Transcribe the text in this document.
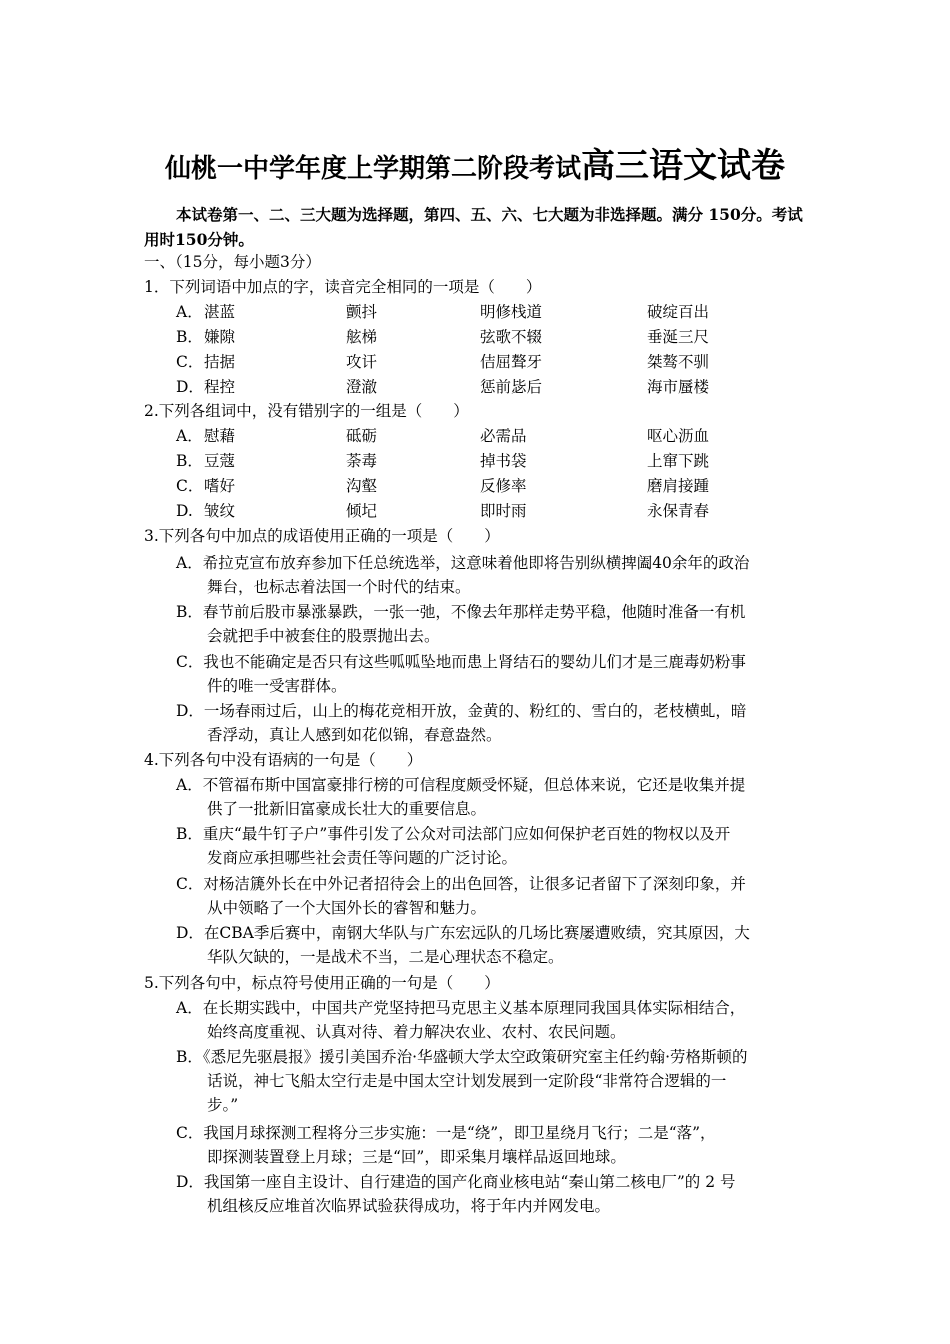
仙桃一中学年度上学期第二阶段考试高三语文试卷
本试卷第一、二、三大题为选择题，第四、五、六、七大题为非选择题。满分 150分。考试用时150分钟。
一、（15分，每小题3分）
1．下列词语中加点的字，读音完全相同的一项是（　　）
A． 湛蓝	颤抖	明修栈道	破绽百出
B． 嫌隙	舷梯	弦歌不辍	垂涎三尺
C． 拮据	攻讦	佶屈聱牙	桀骜不驯
D． 程控	澄澈	惩前毖后	海市蜃楼
2.下列各组词中，没有错别字的一组是（　　）
A． 慰藉	砥砺	必需品	呕心沥血
B． 豆蔻	荼毒	掉书袋	上窜下跳
C． 嗜好	沟壑	反修率	磨肩接踵
D. 皱纹	倾圮	即时雨	永保青春
3.下列各句中加点的成语使用正确的一项是（　　）
A．希拉克宣布放弃参加下任总统选举，这意味着他即将告别纵横捭阖40余年的政治
舞台，也标志着法国一个时代的结束。
B．春节前后股市暴涨暴跌，一张一弛，不像去年那样走势平稳，他随时准备一有机
会就把手中被套住的股票抛出去。
C．我也不能确定是否只有这些呱呱坠地而患上肾结石的婴幼儿们才是三鹿毒奶粉事
件的唯一受害群体。
D．一场春雨过后，山上的梅花竞相开放，金黄的、粉红的、雪白的，老枝横虬，暗
香浮动，真让人感到如花似锦，春意盎然。
4.下列各句中没有语病的一句是（　　）
A．不管福布斯中国富豪排行榜的可信程度颇受怀疑，但总体来说，它还是收集并提
供了一批新旧富豪成长壮大的重要信息。
B．重庆“最牛钉子户”事件引发了公众对司法部门应如何保护老百姓的物权以及开
发商应承担哪些社会责任等问题的广泛讨论。
C．对杨洁篪外长在中外记者招待会上的出色回答，让很多记者留下了深刻印象，并
从中领略了一个大国外长的睿智和魅力。
D．在CBA季后赛中，南钢大华队与广东宏远队的几场比赛屡遭败绩，究其原因，大
华队欠缺的，一是战术不当，二是心理状态不稳定。
5.下列各句中，标点符号使用正确的一句是（　　）
A．在长期实践中，中国共产党坚持把马克思主义基本原理同我国具体实际相结合，
始终高度重视、认真对待、着力解决农业、农村、农民问题。
B．《悉尼先驱晨报》援引美国乔治·华盛顿大学太空政策研究室主任约翰·劳格斯顿的
话说，神七飞船太空行走是中国太空计划发展到一定阶段“非常符合逻辑的一
步。”
C．我国月球探测工程将分三步实施：一是“绕”，即卫星绕月飞行；二是“落”，
即探测装置登上月球；三是“回”，即采集月壤样品返回地球。
D．我国第一座自主设计、自行建造的国产化商业核电站“秦山第二核电厂”的 2 号
机组核反应堆首次临界试验获得成功，将于年内并网发电。
